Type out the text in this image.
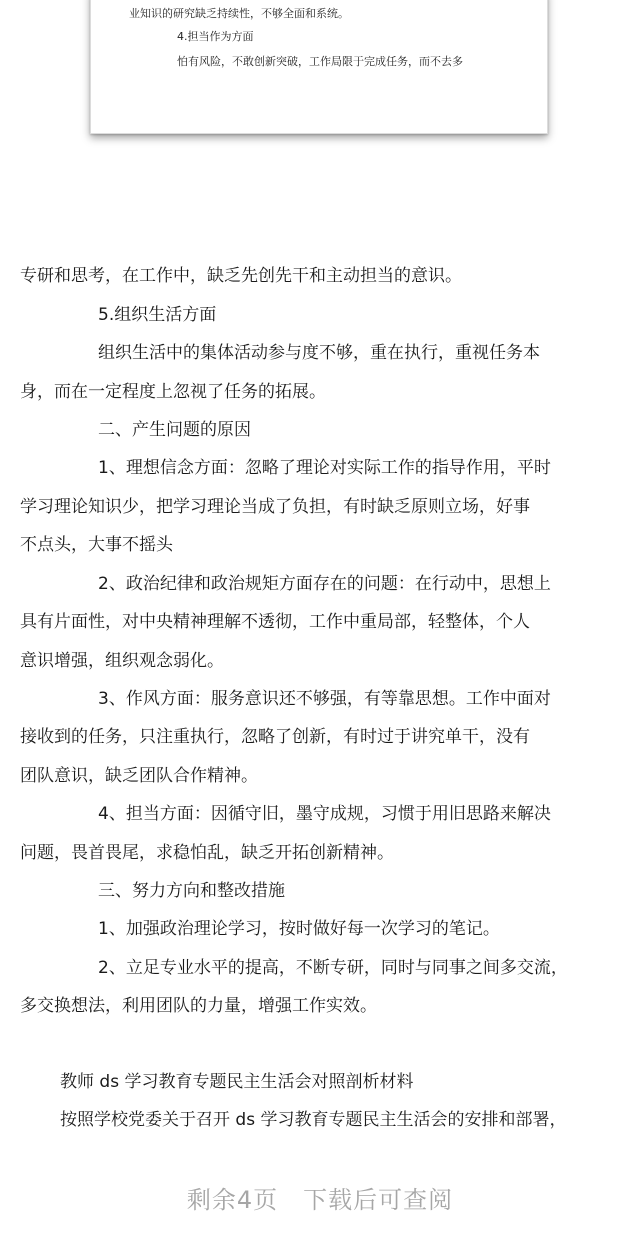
业知识的研究缺乏持续性，不够全面和系统。
4.担当作为方面
怕有风险，不敢创新突破，工作局限于完成任务，而不去多
专研和思考，在工作中，缺乏先创先干和主动担当的意识。
5.组织生活方面
组织生活中的集体活动参与度不够，重在执行，重视任务本
身，而在一定程度上忽视了任务的拓展。
二、产生问题的原因
1、理想信念方面：忽略了理论对实际工作的指导作用，平时
学习理论知识少，把学习理论当成了负担，有时缺乏原则立场，好事
不点头，大事不摇头
2、政治纪律和政治规矩方面存在的问题：在行动中，思想上
具有片面性，对中央精神理解不透彻，工作中重局部，轻整体，个人
意识增强，组织观念弱化。
3、作风方面：服务意识还不够强，有等靠思想。工作中面对
接收到的任务，只注重执行，忽略了创新，有时过于讲究单干，没有
团队意识，缺乏团队合作精神。
4、担当方面：因循守旧，墨守成规，习惯于用旧思路来解决
问题，畏首畏尾，求稳怕乱，缺乏开拓创新精神。
三、努力方向和整改措施
1、加强政治理论学习，按时做好每一次学习的笔记。
2、立足专业水平的提高，不断专研，同时与同事之间多交流，
多交换想法，利用团队的力量，增强工作实效。
教师 ds 学习教育专题民主生活会对照剖析材料
按照学校党委关于召开 ds 学习教育专题民主生活会的安排和部署，
剩余4页　下载后可查阅
